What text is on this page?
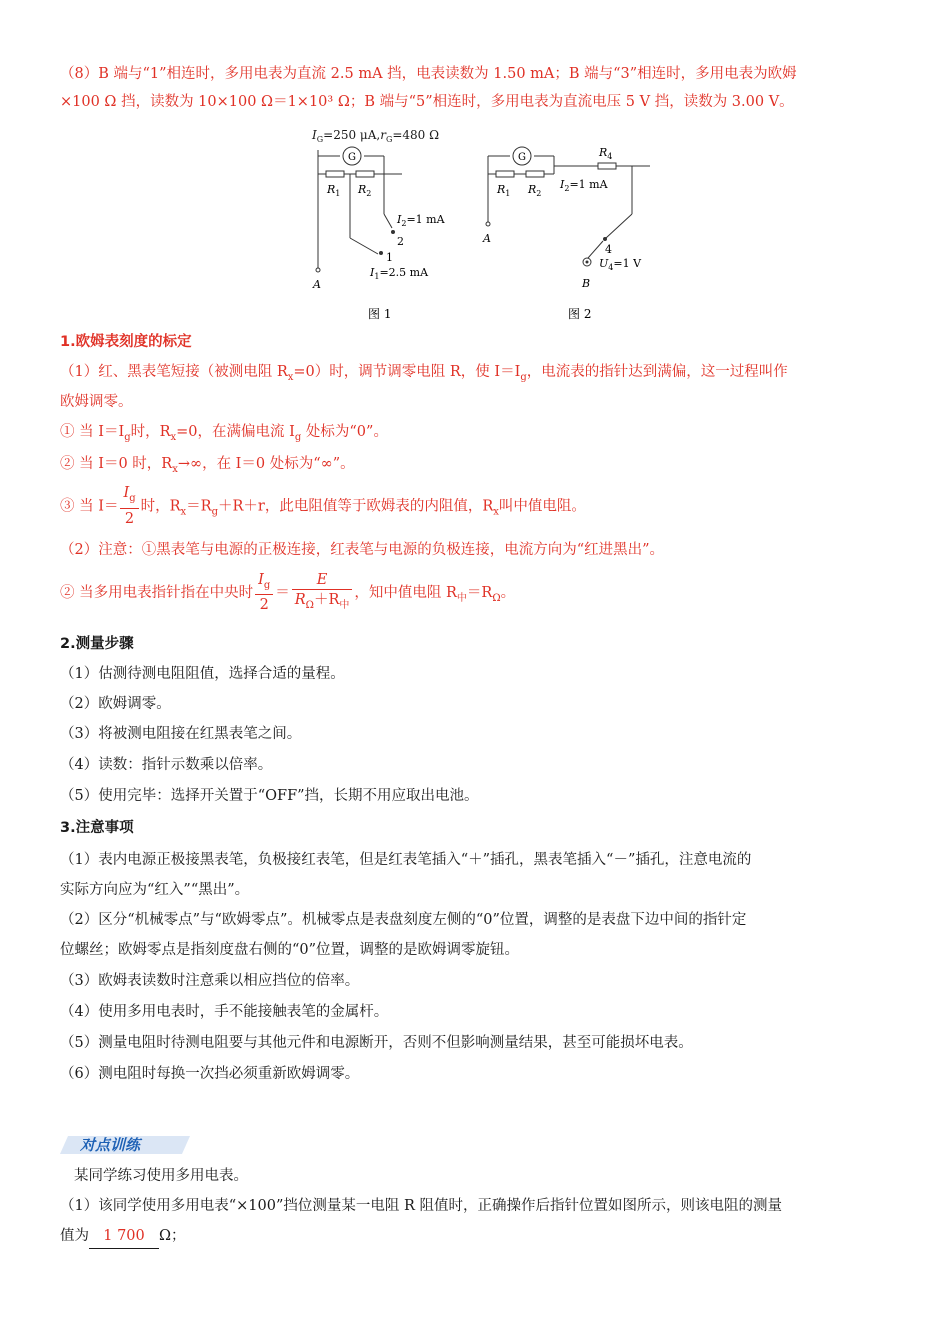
（8）B 端与“1”相连时，多用电表为直流 2.5 mA 挡，电表读数为 1.50 mA；B 端与“3”相连时，多用电表为欧姆
×100 Ω 挡，读数为 10×100 Ω＝1×10³ Ω；B 端与“5”相连时，多用电表为直流电压 5 V 挡，读数为 3.00 V。
$I_G=250$ $\mu A,r_G=480$ Ω
G
$R_1$ $R_2$
$I_2=1$ mA
2
1
$I_1=2.5$ mA
A
图 1
G
$R_1$ $R_2$
$R_4$
$I_2=1$ mA
A
4
$U_4=1$ V
B
图 2
1.欧姆表刻度的标定
（1）红、黑表笔短接（被测电阻 $R_x=0$）时，调节调零电阻 R，使 $I=I_g$，电流表的指针达到满偏，这一过程叫作
欧姆调零。
① 当 $I=I_g$时，$R_x=0$，在满偏电流 $I_g$ 处标为“0”。
② 当 I＝0 时，$R_x\to\infty$，在 I＝0 处标为“∞”。
③ 当 $I= \frac{I_g}{2}$ 时，$R_x=R_g+R+r$，此电阻值等于欧姆表的内阻值，$R_x$叫中值电阻。
（2）注意：①黑表笔与电源的正极连接，红表笔与电源的负极连接，电流方向为“红进黑出”。
② 当多用电表指针指在中央时 $\frac{I_g}{2} = \frac{E}{R_\Omega+R_中}$ ，知中值电阻 $R_中=R_\Omega$。
2.测量步骤
（1）估测待测电阻阻值，选择合适的量程。
（2）欧姆调零。
（3）将被测电阻接在红黑表笔之间。
（4）读数：指针示数乘以倍率。
（5）使用完毕：选择开关置于“OFF”挡，长期不用应取出电池。
3.注意事项
（1）表内电源正极接黑表笔，负极接红表笔，但是红表笔插入“＋”插孔，黑表笔插入“－”插孔，注意电流的
实际方向应为“红入”“黑出”。
（2）区分“机械零点”与“欧姆零点”。机械零点是表盘刻度左侧的“0”位置，调整的是表盘下边中间的指针定
位螺丝；欧姆零点是指刻度盘右侧的“0”位置，调整的是欧姆调零旋钮。
（3）欧姆表读数时注意乘以相应挡位的倍率。
（4）使用多用电表时，手不能接触表笔的金属杆。
（5）测量电阻时待测电阻要与其他元件和电源断开，否则不但影响测量结果，甚至可能损坏电表。
（6）测电阻时每换一次挡必须重新欧姆调零。
对点训练
某同学练习使用多用电表。
（1）该同学使用多用电表“×100”挡位测量某一电阻 R 阻值时，正确操作后指针位置如图所示，则该电阻的测量
值为 1 700 Ω；
